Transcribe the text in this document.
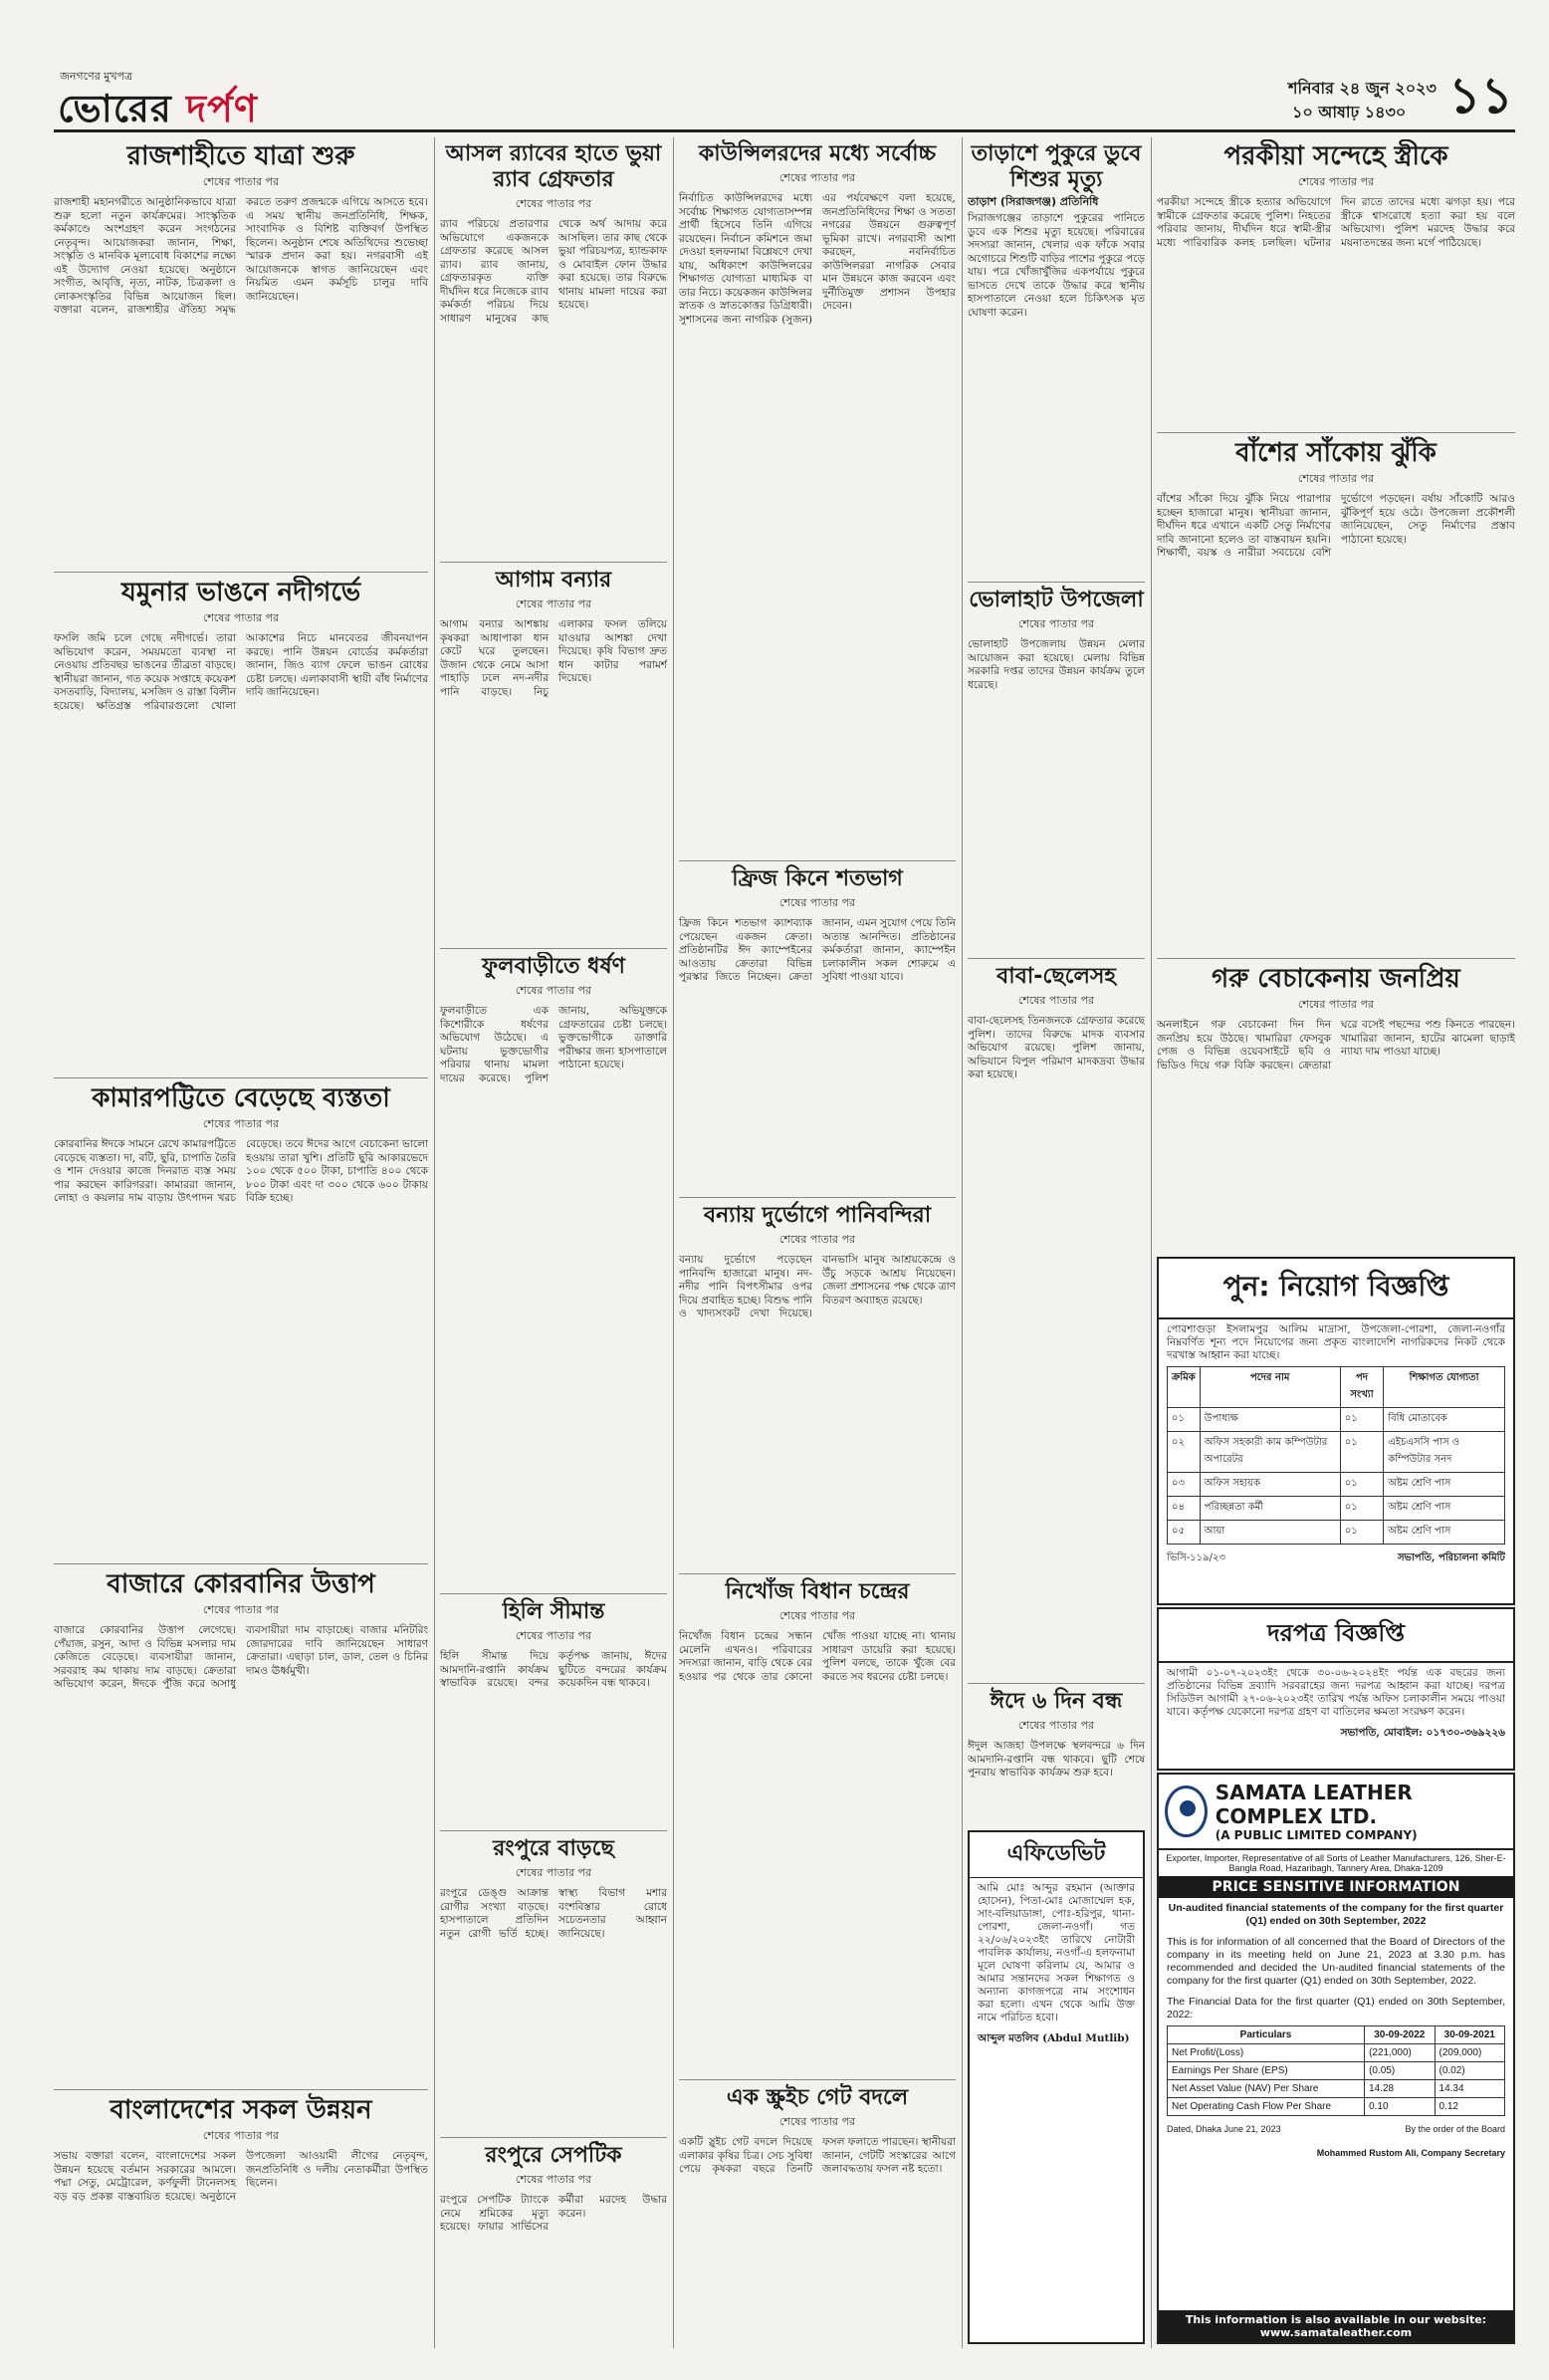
জনগণের মুখপত্র
ভোরের দর্পণ	শনিবার ২৪ জুন ২০২৩
১০ আষাঢ় ১৪৩০ ১১
রাজশাহীতে যাত্রা শুরু
শেষের পাতার পর
রাজশাহী মহানগরীতে আনুষ্ঠানিকভাবে যাত্রা শুরু হলো নতুন কার্যক্রমের। সাংস্কৃতিক কর্মকাণ্ডে অংশগ্রহণ করেন সংগঠনের নেতৃবৃন্দ। আয়োজকরা জানান, শিক্ষা, সংস্কৃতি ও মানবিক মূল্যবোধ বিকাশের লক্ষ্যে এই উদ্যোগ নেওয়া হয়েছে। অনুষ্ঠানে সংগীত, আবৃত্তি, নৃত্য, নাটক, চিত্রকলা ও লোকসংস্কৃতির বিভিন্ন আয়োজন ছিল। বক্তারা বলেন, রাজশাহীর ঐতিহ্য সমৃদ্ধ করতে তরুণ প্রজন্মকে এগিয়ে আসতে হবে। এ সময় স্থানীয় জনপ্রতিনিধি, শিক্ষক, সাংবাদিক ও বিশিষ্ট ব্যক্তিবর্গ উপস্থিত ছিলেন। অনুষ্ঠান শেষে অতিথিদের শুভেচ্ছা স্মারক প্রদান করা হয়। নগরবাসী এই আয়োজনকে স্বাগত জানিয়েছেন এবং নিয়মিত এমন কর্মসূচি চালুর দাবি জানিয়েছেন।
যমুনার ভাঙনে নদীগর্ভে
শেষের পাতার পর
ফসলি জমি চলে গেছে নদীগর্ভে। তারা অভিযোগ করেন, সময়মতো ব্যবস্থা না নেওয়ায় প্রতিবছর ভাঙনের তীব্রতা বাড়ছে। স্থানীয়রা জানান, গত কয়েক সপ্তাহে কয়েকশ বসতবাড়ি, বিদ্যালয়, মসজিদ ও রাস্তা বিলীন হয়েছে। ক্ষতিগ্রস্ত পরিবারগুলো খোলা আকাশের নিচে মানবেতর জীবনযাপন করছে। পানি উন্নয়ন বোর্ডের কর্মকর্তারা জানান, জিও ব্যাগ ফেলে ভাঙন রোধের চেষ্টা চলছে। এলাকাবাসী স্থায়ী বাঁধ নির্মাণের দাবি জানিয়েছেন।
কামারপট্টিতে বেড়েছে ব্যস্ততা
শেষের পাতার পর
কোরবানির ঈদকে সামনে রেখে কামারপট্টিতে বেড়েছে ব্যস্ততা। দা, বটি, ছুরি, চাপাতি তৈরি ও শান দেওয়ার কাজে দিনরাত ব্যস্ত সময় পার করছেন কারিগররা। কামাররা জানান, লোহা ও কয়লার দাম বাড়ায় উৎপাদন খরচ বেড়েছে। তবে ঈদের আগে বেচাকেনা ভালো হওয়ায় তারা খুশি। প্রতিটি ছুরি আকারভেদে ১০০ থেকে ৫০০ টাকা, চাপাতি ৪০০ থেকে ৮০০ টাকা এবং দা ৩০০ থেকে ৬০০ টাকায় বিক্রি হচ্ছে।
বাজারে কোরবানির উত্তাপ
শেষের পাতার পর
বাজারে কোরবানির উত্তাপ লেগেছে। পেঁয়াজ, রসুন, আদা ও বিভিন্ন মসলার দাম কেজিতে বেড়েছে। ব্যবসায়ীরা জানান, সরবরাহ কম থাকায় দাম বাড়ছে। ক্রেতারা অভিযোগ করেন, ঈদকে পুঁজি করে অসাধু ব্যবসায়ীরা দাম বাড়াচ্ছে। বাজার মনিটরিং জোরদারের দাবি জানিয়েছেন সাধারণ ক্রেতারা। এছাড়া চাল, ডাল, তেল ও চিনির দামও ঊর্ধ্বমুখী।
বাংলাদেশের সকল উন্নয়ন
শেষের পাতার পর
সভায় বক্তারা বলেন, বাংলাদেশের সকল উন্নয়ন হয়েছে বর্তমান সরকারের আমলে। পদ্মা সেতু, মেট্রোরেল, কর্ণফুলী টানেলসহ বড় বড় প্রকল্প বাস্তবায়িত হয়েছে। অনুষ্ঠানে উপজেলা আওয়ামী লীগের নেতৃবৃন্দ, জনপ্রতিনিধি ও দলীয় নেতাকর্মীরা উপস্থিত ছিলেন।
আসল র‍্যাবের হাতে ভুয়া র‍্যাব গ্রেফতার
শেষের পাতার পর
র‍্যাব পরিচয়ে প্রতারণার অভিযোগে একজনকে গ্রেফতার করেছে আসল র‍্যাব। র‍্যাব জানায়, গ্রেফতারকৃত ব্যক্তি দীর্ঘদিন ধরে নিজেকে র‍্যাব কর্মকর্তা পরিচয় দিয়ে সাধারণ মানুষের কাছ থেকে অর্থ আদায় করে আসছিল। তার কাছ থেকে ভুয়া পরিচয়পত্র, হ্যান্ডকাফ ও মোবাইল ফোন উদ্ধার করা হয়েছে। তার বিরুদ্ধে থানায় মামলা দায়ের করা হয়েছে।
আগাম বন্যার
শেষের পাতার পর
আগাম বন্যার আশঙ্কায় কৃষকরা আধাপাকা ধান কেটে ঘরে তুলছেন। উজান থেকে নেমে আসা পাহাড়ি ঢলে নদ-নদীর পানি বাড়ছে। নিচু এলাকার ফসল তলিয়ে যাওয়ার আশঙ্কা দেখা দিয়েছে। কৃষি বিভাগ দ্রুত ধান কাটার পরামর্শ দিয়েছে।
ফুলবাড়ীতে ধর্ষণ
শেষের পাতার পর
ফুলবাড়ীতে এক কিশোরীকে ধর্ষণের অভিযোগ উঠেছে। এ ঘটনায় ভুক্তভোগীর পরিবার থানায় মামলা দায়ের করেছে। পুলিশ জানায়, অভিযুক্তকে গ্রেফতারের চেষ্টা চলছে। ভুক্তভোগীকে ডাক্তারি পরীক্ষার জন্য হাসপাতালে পাঠানো হয়েছে।
হিলি সীমান্ত
শেষের পাতার পর
হিলি সীমান্ত দিয়ে আমদানি-রপ্তানি কার্যক্রম স্বাভাবিক রয়েছে। বন্দর কর্তৃপক্ষ জানায়, ঈদের ছুটিতে বন্দরের কার্যক্রম কয়েকদিন বন্ধ থাকবে।
রংপুরে বাড়ছে
শেষের পাতার পর
রংপুরে ডেঙ্গু আক্রান্ত রোগীর সংখ্যা বাড়ছে। হাসপাতালে প্রতিদিন নতুন রোগী ভর্তি হচ্ছে। স্বাস্থ্য বিভাগ মশার বংশবিস্তার রোধে সচেতনতার আহ্বান জানিয়েছে।
রংপুরে সেপটিক
শেষের পাতার পর
রংপুরে সেপটিক ট্যাংকে নেমে শ্রমিকের মৃত্যু হয়েছে। ফায়ার সার্ভিসের কর্মীরা মরদেহ উদ্ধার করেন।
কাউন্সিলরদের মধ্যে সর্বোচ্চ
শেষের পাতার পর
নির্বাচিত কাউন্সিলরদের মধ্যে সর্বোচ্চ শিক্ষাগত যোগ্যতাসম্পন্ন প্রার্থী হিসেবে তিনি এগিয়ে রয়েছেন। নির্বাচন কমিশনে জমা দেওয়া হলফনামা বিশ্লেষণে দেখা যায়, অধিকাংশ কাউন্সিলরের শিক্ষাগত যোগ্যতা মাধ্যমিক বা তার নিচে। কয়েকজন কাউন্সিলর স্নাতক ও স্নাতকোত্তর ডিগ্রিধারী। সুশাসনের জন্য নাগরিক (সুজন) এর পর্যবেক্ষণে বলা হয়েছে, জনপ্রতিনিধিদের শিক্ষা ও সততা নগরের উন্নয়নে গুরুত্বপূর্ণ ভূমিকা রাখে। নগরবাসী আশা করছেন, নবনির্বাচিত কাউন্সিলররা নাগরিক সেবার মান উন্নয়নে কাজ করবেন এবং দুর্নীতিমুক্ত প্রশাসন উপহার দেবেন।
ফ্রিজ কিনে শতভাগ
শেষের পাতার পর
ফ্রিজ কিনে শতভাগ ক্যাশব্যাক পেয়েছেন একজন ক্রেতা। প্রতিষ্ঠানটির ঈদ ক্যাম্পেইনের আওতায় ক্রেতারা বিভিন্ন পুরস্কার জিতে নিচ্ছেন। ক্রেতা জানান, এমন সুযোগ পেয়ে তিনি অত্যন্ত আনন্দিত। প্রতিষ্ঠানের কর্মকর্তারা জানান, ক্যাম্পেইন চলাকালীন সকল শোরুমে এ সুবিধা পাওয়া যাবে।
বন্যায় দুর্ভোগে পানিবন্দিরা
শেষের পাতার পর
বন্যায় দুর্ভোগে পড়েছেন পানিবন্দি হাজারো মানুষ। নদ-নদীর পানি বিপৎসীমার ওপর দিয়ে প্রবাহিত হচ্ছে। বিশুদ্ধ পানি ও খাদ্যসংকট দেখা দিয়েছে। বানভাসি মানুষ আশ্রয়কেন্দ্রে ও উঁচু সড়কে আশ্রয় নিয়েছেন। জেলা প্রশাসনের পক্ষ থেকে ত্রাণ বিতরণ অব্যাহত রয়েছে।
নিখোঁজ বিধান চন্দ্রের
শেষের পাতার পর
নিখোঁজ বিধান চন্দ্রের সন্ধান মেলেনি এখনও। পরিবারের সদস্যরা জানান, বাড়ি থেকে বের হওয়ার পর থেকে তার কোনো খোঁজ পাওয়া যাচ্ছে না। থানায় সাধারণ ডায়েরি করা হয়েছে। পুলিশ বলছে, তাকে খুঁজে বের করতে সব ধরনের চেষ্টা চলছে।
এক স্ক্রুইচ গেট বদলে
শেষের পাতার পর
একটি স্লুইচ গেট বদলে দিয়েছে এলাকার কৃষির চিত্র। সেচ সুবিধা পেয়ে কৃষকরা বছরে তিনটি ফসল ফলাতে পারছেন। স্থানীয়রা জানান, গেটটি সংস্কারের আগে জলাবদ্ধতায় ফসল নষ্ট হতো।
তাড়াশে পুকুরে ডুবে শিশুর মৃত্যু
তাড়াশ (সিরাজগঞ্জ) প্রতিনিধি
সিরাজগঞ্জের তাড়াশে পুকুরের পানিতে ডুবে এক শিশুর মৃত্যু হয়েছে। পরিবারের সদস্যরা জানান, খেলার এক ফাঁকে সবার অগোচরে শিশুটি বাড়ির পাশের পুকুরে পড়ে যায়। পরে খোঁজাখুঁজির একপর্যায়ে পুকুরে ভাসতে দেখে তাকে উদ্ধার করে স্থানীয় হাসপাতালে নেওয়া হলে চিকিৎসক মৃত ঘোষণা করেন।
ভোলাহাট উপজেলা
শেষের পাতার পর
ভোলাহাট উপজেলায় উন্নয়ন মেলার আয়োজন করা হয়েছে। মেলায় বিভিন্ন সরকারি দপ্তর তাদের উন্নয়ন কার্যক্রম তুলে ধরেছে।
বাবা-ছেলেসহ
শেষের পাতার পর
বাবা-ছেলেসহ তিনজনকে গ্রেফতার করেছে পুলিশ। তাদের বিরুদ্ধে মাদক ব্যবসার অভিযোগ রয়েছে। পুলিশ জানায়, অভিযানে বিপুল পরিমাণ মাদকদ্রব্য উদ্ধার করা হয়েছে।
ঈদে ৬ দিন বন্ধ
শেষের পাতার পর
ঈদুল আজহা উপলক্ষে স্থলবন্দরে ৬ দিন আমদানি-রপ্তানি বন্ধ থাকবে। ছুটি শেষে পুনরায় স্বাভাবিক কার্যক্রম শুরু হবে।
এফিডেভিট
আমি মোঃ আব্দুর রহমান (আক্তার হোসেন), পিতা-মোঃ মোজাম্মেল হক, সাং-বলিয়াডাঙ্গা, পোঃ-হরিপুর, থানা-পোরশা, জেলা-নওগাঁ। গত ২২/০৬/২০২৩ইং তারিখে নোটারী পাবলিক কার্যালয়, নওগাঁ-এ হলফনামা মূলে ঘোষণা করিলাম যে, আমার ও আমার সন্তানদের সকল শিক্ষাগত ও অন্যান্য কাগজপত্রে নাম সংশোধন করা হলো। এখন থেকে আমি উক্ত নামে পরিচিত হবো।
আব্দুল মতলিব (Abdul Mutlib)
পরকীয়া সন্দেহে স্ত্রীকে
শেষের পাতার পর
পরকীয়া সন্দেহে স্ত্রীকে হত্যার অভিযোগে স্বামীকে গ্রেফতার করেছে পুলিশ। নিহতের পরিবার জানায়, দীর্ঘদিন ধরে স্বামী-স্ত্রীর মধ্যে পারিবারিক কলহ চলছিল। ঘটনার দিন রাতে তাদের মধ্যে ঝগড়া হয়। পরে স্ত্রীকে শ্বাসরোধে হত্যা করা হয় বলে অভিযোগ। পুলিশ মরদেহ উদ্ধার করে ময়নাতদন্তের জন্য মর্গে পাঠিয়েছে।
বাঁশের সাঁকোয় ঝুঁকি
শেষের পাতার পর
বাঁশের সাঁকো দিয়ে ঝুঁকি নিয়ে পারাপার হচ্ছেন হাজারো মানুষ। স্থানীয়রা জানান, দীর্ঘদিন ধরে এখানে একটি সেতু নির্মাণের দাবি জানানো হলেও তা বাস্তবায়ন হয়নি। শিক্ষার্থী, বয়স্ক ও নারীরা সবচেয়ে বেশি দুর্ভোগে পড়ছেন। বর্ষায় সাঁকোটি আরও ঝুঁকিপূর্ণ হয়ে ওঠে। উপজেলা প্রকৌশলী জানিয়েছেন, সেতু নির্মাণের প্রস্তাব পাঠানো হয়েছে।
গরু বেচাকেনায় জনপ্রিয়
শেষের পাতার পর
অনলাইনে গরু বেচাকেনা দিন দিন জনপ্রিয় হয়ে উঠছে। খামারিরা ফেসবুক পেজ ও বিভিন্ন ওয়েবসাইটে ছবি ও ভিডিও দিয়ে গরু বিক্রি করছেন। ক্রেতারা ঘরে বসেই পছন্দের পশু কিনতে পারছেন। খামারিরা জানান, হাটের ঝামেলা ছাড়াই ন্যায্য দাম পাওয়া যাচ্ছে।
পুন: নিয়োগ বিজ্ঞপ্তি
পোরশাগুড়া ইসলামপুর আলিম মাদ্রাসা, উপজেলা-পোরশা, জেলা-নওগাঁর নিম্নবর্ণিত শূন্য পদে নিয়োগের জন্য প্রকৃত বাংলাদেশি নাগরিকদের নিকট থেকে দরখাস্ত আহ্বান করা যাচ্ছে।
ক্রমিক	পদের নাম	পদ সংখ্যা	শিক্ষাগত যোগ্যতা
০১	উপাধ্যক্ষ	০১	বিধি মোতাবেক
০২	অফিস সহকারী কাম কম্পিউটার অপারেটর	০১	এইচএসসি পাস ও কম্পিউটার সনদ
০৩	অফিস সহায়ক	০১	অষ্টম শ্রেণি পাস
০৪	পরিচ্ছন্নতা কর্মী	০১	অষ্টম শ্রেণি পাস
০৫	আয়া	০১	অষ্টম শ্রেণি পাস
ভিসি-১১৯/২৩	সভাপতি, পরিচালনা কমিটি
দরপত্র বিজ্ঞপ্তি
আগামী ০১-০৭-২০২৩ইং থেকে ৩০-০৬-২০২৪ইং পর্যন্ত এক বছরের জন্য প্রতিষ্ঠানের বিভিন্ন দ্রব্যাদি সরবরাহের জন্য দরপত্র আহ্বান করা যাচ্ছে। দরপত্র সিডিউল আগামী ২৭-০৬-২০২৩ইং তারিখ পর্যন্ত অফিস চলাকালীন সময়ে পাওয়া যাবে। কর্তৃপক্ষ যেকোনো দরপত্র গ্রহণ বা বাতিলের ক্ষমতা সংরক্ষণ করেন।
সভাপতি, মোবাইল: ০১৭৩০-৩৬৯২২৬
SAMATA LEATHER COMPLEX LTD.
(A PUBLIC LIMITED COMPANY)
Exporter, Importer, Representative of all Sorts of Leather Manufacturers, 126, Sher-E-Bangla Road, Hazaribagh, Tannery Area, Dhaka-1209
PRICE SENSITIVE INFORMATION
Un-audited financial statements of the company for the first quarter (Q1) ended on 30th September, 2022
This is for information of all concerned that the Board of Directors of the company in its meeting held on June 21, 2023 at 3.30 p.m. has recommended and decided the Un-audited financial statements of the company for the first quarter (Q1) ended on 30th September, 2022.
The Financial Data for the first quarter (Q1) ended on 30th September, 2022:
Particulars	30-09-2022	30-09-2021
Net Profit/(Loss)	(221,000)	(209,000)
Earnings Per Share (EPS)	(0.05)	(0.02)
Net Asset Value (NAV) Per Share	14.28	14.34
Net Operating Cash Flow Per Share	0.10	0.12
Dated, Dhaka June 21, 2023	By the order of the Board
Mohammed Rustom Ali, Company Secretary
This information is also available in our website: www.samataleather.com
